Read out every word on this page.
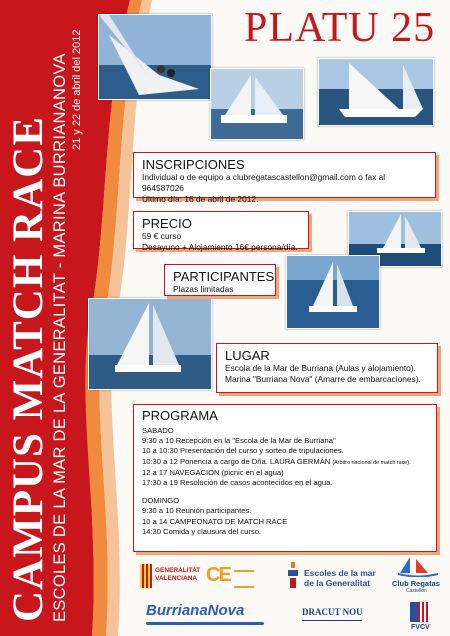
CAMPUS MATCH RACE ESCOLES DE LA MAR DE LA GENERALITAT - MARINA BURRIANANOVA 21 y 22 de abril del 2012
PLATU 25
INSCRIPCIONES

Individual o de equipo a clubregatascastellon@gmail.com o fax al 964587026

Último día: 16 de abril de 2012.

PRECIO

59 € curso

Desayuno + Alojamiento 16€ persona/día.

PARTICIPANTES

Plazas limitadas

LUGAR

Escola de la Mar de Burriana (Aulas y alojamiento).

Marina "Burriana Nova" (Amarre de embarcaciones).

PROGRAMA

SABADO
9:30 a 10 Recepción en la "Escola de la Mar de Burriana"
10 a 10:30 Presentación del curso y sorteo de tripulaciones.
10:30 a 12 Ponencia a cargo de Dña. LAURA GERMÁN (Arbitro nacional de match race).
12 a 17 NAVEGACION (picnic en el agua)
17:30 a 19 Resolución de casos acontecidos en el agua.
DOMINGO
9:30 a 10 Reunión participantes.
10 a 14 CAMPEONATO DE MATCH RACE
14:30 Comida y clausura del curso.

GENERALITAT
VALENCIANA CE	Escoles de la mar
de la Generalitat	Club Regatas
Castellón
BurrianaNova	DRACUT NOU
FVCV
